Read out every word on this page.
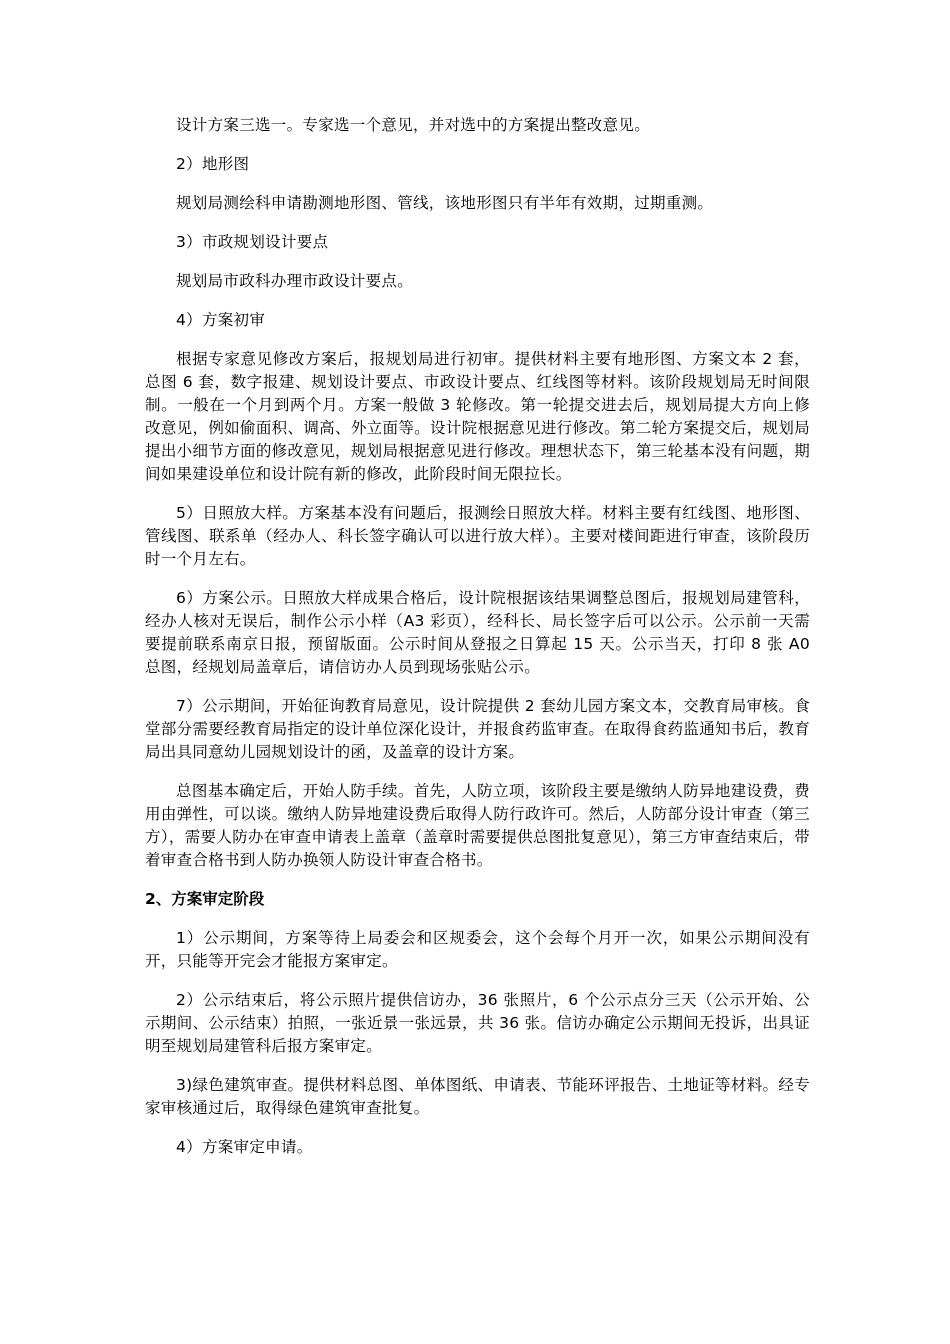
设计方案三选一。专家选一个意见，并对选中的方案提出整改意见。

2）地形图

规划局测绘科申请勘测地形图、管线，该地形图只有半年有效期，过期重测。

3）市政规划设计要点

规划局市政科办理市政设计要点。

4）方案初审

根据专家意见修改方案后，报规划局进行初审。提供材料主要有地形图、方案文本 2 套，总图 6 套，数字报建、规划设计要点、市政设计要点、红线图等材料。该阶段规划局无时间限制。一般在一个月到两个月。方案一般做 3 轮修改。第一轮提交进去后，规划局提大方向上修改意见，例如偷面积、调高、外立面等。设计院根据意见进行修改。第二轮方案提交后，规划局提出小细节方面的修改意见，规划局根据意见进行修改。理想状态下，第三轮基本没有问题，期间如果建设单位和设计院有新的修改，此阶段时间无限拉长。

5）日照放大样。方案基本没有问题后，报测绘日照放大样。材料主要有红线图、地形图、管线图、联系单（经办人、科长签字确认可以进行放大样）。主要对楼间距进行审查，该阶段历时一个月左右。

6）方案公示。日照放大样成果合格后，设计院根据该结果调整总图后，报规划局建管科，经办人核对无误后，制作公示小样（A3 彩页），经科长、局长签字后可以公示。公示前一天需要提前联系南京日报，预留版面。公示时间从登报之日算起 15 天。公示当天，打印 8 张 A0 总图，经规划局盖章后，请信访办人员到现场张贴公示。

7）公示期间，开始征询教育局意见，设计院提供 2 套幼儿园方案文本，交教育局审核。食堂部分需要经教育局指定的设计单位深化设计，并报食药监审查。在取得食药监通知书后，教育局出具同意幼儿园规划设计的函，及盖章的设计方案。

总图基本确定后，开始人防手续。首先，人防立项，该阶段主要是缴纳人防异地建设费，费用由弹性，可以谈。缴纳人防异地建设费后取得人防行政许可。然后，人防部分设计审查（第三方），需要人防办在审查申请表上盖章（盖章时需要提供总图批复意见），第三方审查结束后，带着审查合格书到人防办换领人防设计审查合格书。

2、方案审定阶段

1）公示期间，方案等待上局委会和区规委会，这个会每个月开一次，如果公示期间没有开，只能等开完会才能报方案审定。

2）公示结束后，将公示照片提供信访办，36 张照片，6 个公示点分三天（公示开始、公示期间、公示结束）拍照，一张近景一张远景，共 36 张。信访办确定公示期间无投诉，出具证明至规划局建管科后报方案审定。

3)绿色建筑审查。提供材料总图、单体图纸、申请表、节能环评报告、土地证等材料。经专家审核通过后，取得绿色建筑审查批复。

4）方案审定申请。
